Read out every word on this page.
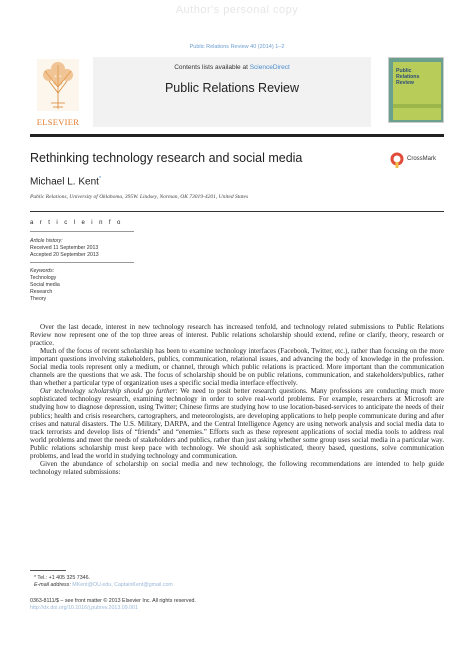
Author's personal copy
Public Relations Review 40 (2014) 1–2
ELSEVIER
Contents lists available at ScienceDirect
Public Relations Review
Public Relations Review
Rethinking technology research and social media	CrossMark
Michael L. Kent*
Public Relations, University of Oklahoma, 395W. Lindsey, Norman, OK 73019-4201, United States
a r t i c l e i n f o
Article history:
Received 11 September 2013
Accepted 20 September 2013
Keywords:
Technology
Social media
Research
Theory

Over the last decade, interest in new technology research has increased tenfold, and technology related submissions to Public Relations Review now represent one of the top three areas of interest. Public relations scholarship should extend, refine or clarify, theory, research or practice.

Much of the focus of recent scholarship has been to examine technology interfaces (Facebook, Twitter, etc.), rather than focusing on the more important questions involving stakeholders, publics, communication, relational issues, and advancing the body of knowledge in the profession. Social media tools represent only a medium, or channel, through which public relations is practiced. More important than the communication channels are the questions that we ask. The focus of scholarship should be on public relations, communication, and stakeholders/publics, rather than whether a particular type of organization uses a specific social media interface effectively.

Our technology scholarship should go further: We need to posit better research questions. Many professions are conducting much more sophisticated technology research, examining technology in order to solve real-world problems. For example, researchers at Microsoft are studying how to diagnose depression, using Twitter; Chinese firms are studying how to use location-based-services to anticipate the needs of their publics; health and crisis researchers, cartographers, and meteorologists, are developing applications to help people communicate during and after crises and natural disasters. The U.S. Military, DARPA, and the Central Intelligence Agency are using network analysis and social media data to track terrorists and develop lists of “friends” and “enemies.” Efforts such as these represent applications of social media tools to address real world problems and meet the needs of stakeholders and publics, rather than just asking whether some group uses social media in a particular way. Public relations scholarship must keep pace with technology. We should ask sophisticated, theory based, questions, solve communication problems, and lead the world in studying technology and communication.

Given the abundance of scholarship on social media and new technology, the following recommendations are intended to help guide technology related submissions:

* Tel.: +1 405 325 7346.
E-mail address: MKent@OU.edu, CaptainKent@gmail.com
0363-8111/$ – see front matter © 2013 Elsevier Inc. All rights reserved.
http://dx.doi.org/10.1016/j.pubrev.2013.09.001
